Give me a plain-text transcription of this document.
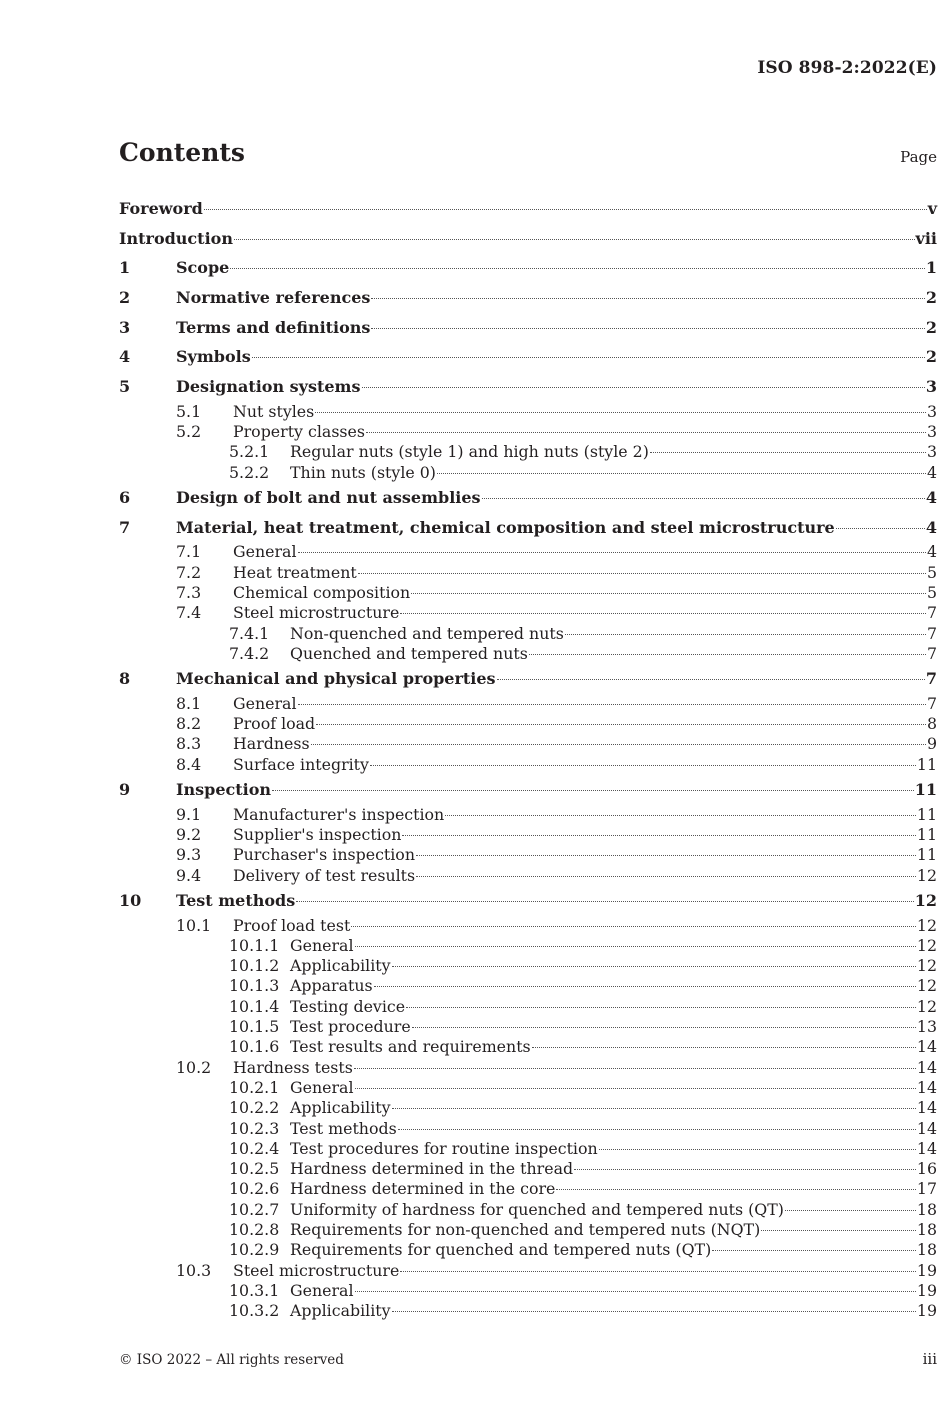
ISO 898-2:2022(E)
Contents	Page
Foreword	v
Introduction	vii
1	Scope	1
2	Normative references	2
3	Terms and definitions	2
4	Symbols	2
5	Designation systems	3
5.1 Nut styles	3
5.2 Property classes	3
5.2.1 Regular nuts (style 1) and high nuts (style 2)	3
5.2.2 Thin nuts (style 0)	4
6	Design of bolt and nut assemblies	4
7	Material, heat treatment, chemical composition and steel microstructure	4
7.1 General	4
7.2 Heat treatment	5
7.3 Chemical composition	5
7.4 Steel microstructure	7
7.4.1 Non-quenched and tempered nuts	7
7.4.2 Quenched and tempered nuts	7
8	Mechanical and physical properties	7
8.1 General	7
8.2 Proof load	8
8.3 Hardness	9
8.4 Surface integrity	11
9	Inspection	11
9.1 Manufacturer's inspection	11
9.2 Supplier's inspection	11
9.3 Purchaser's inspection	11
9.4 Delivery of test results	12
10 Test methods	12
10.1 Proof load test	12
10.1.1 General	12
10.1.2 Applicability	12
10.1.3 Apparatus	12
10.1.4 Testing device	12
10.1.5 Test procedure	13
10.1.6 Test results and requirements	14
10.2 Hardness tests	14
10.2.1 General	14
10.2.2 Applicability	14
10.2.3 Test methods	14
10.2.4 Test procedures for routine inspection	14
10.2.5 Hardness determined in the thread	16
10.2.6 Hardness determined in the core	17
10.2.7 Uniformity of hardness for quenched and tempered nuts (QT)	18
10.2.8 Requirements for non-quenched and tempered nuts (NQT)	18
10.2.9 Requirements for quenched and tempered nuts (QT)	18
10.3 Steel microstructure	19
10.3.1 General	19
10.3.2 Applicability	19
© ISO 2022 – All rights reserved	iii
